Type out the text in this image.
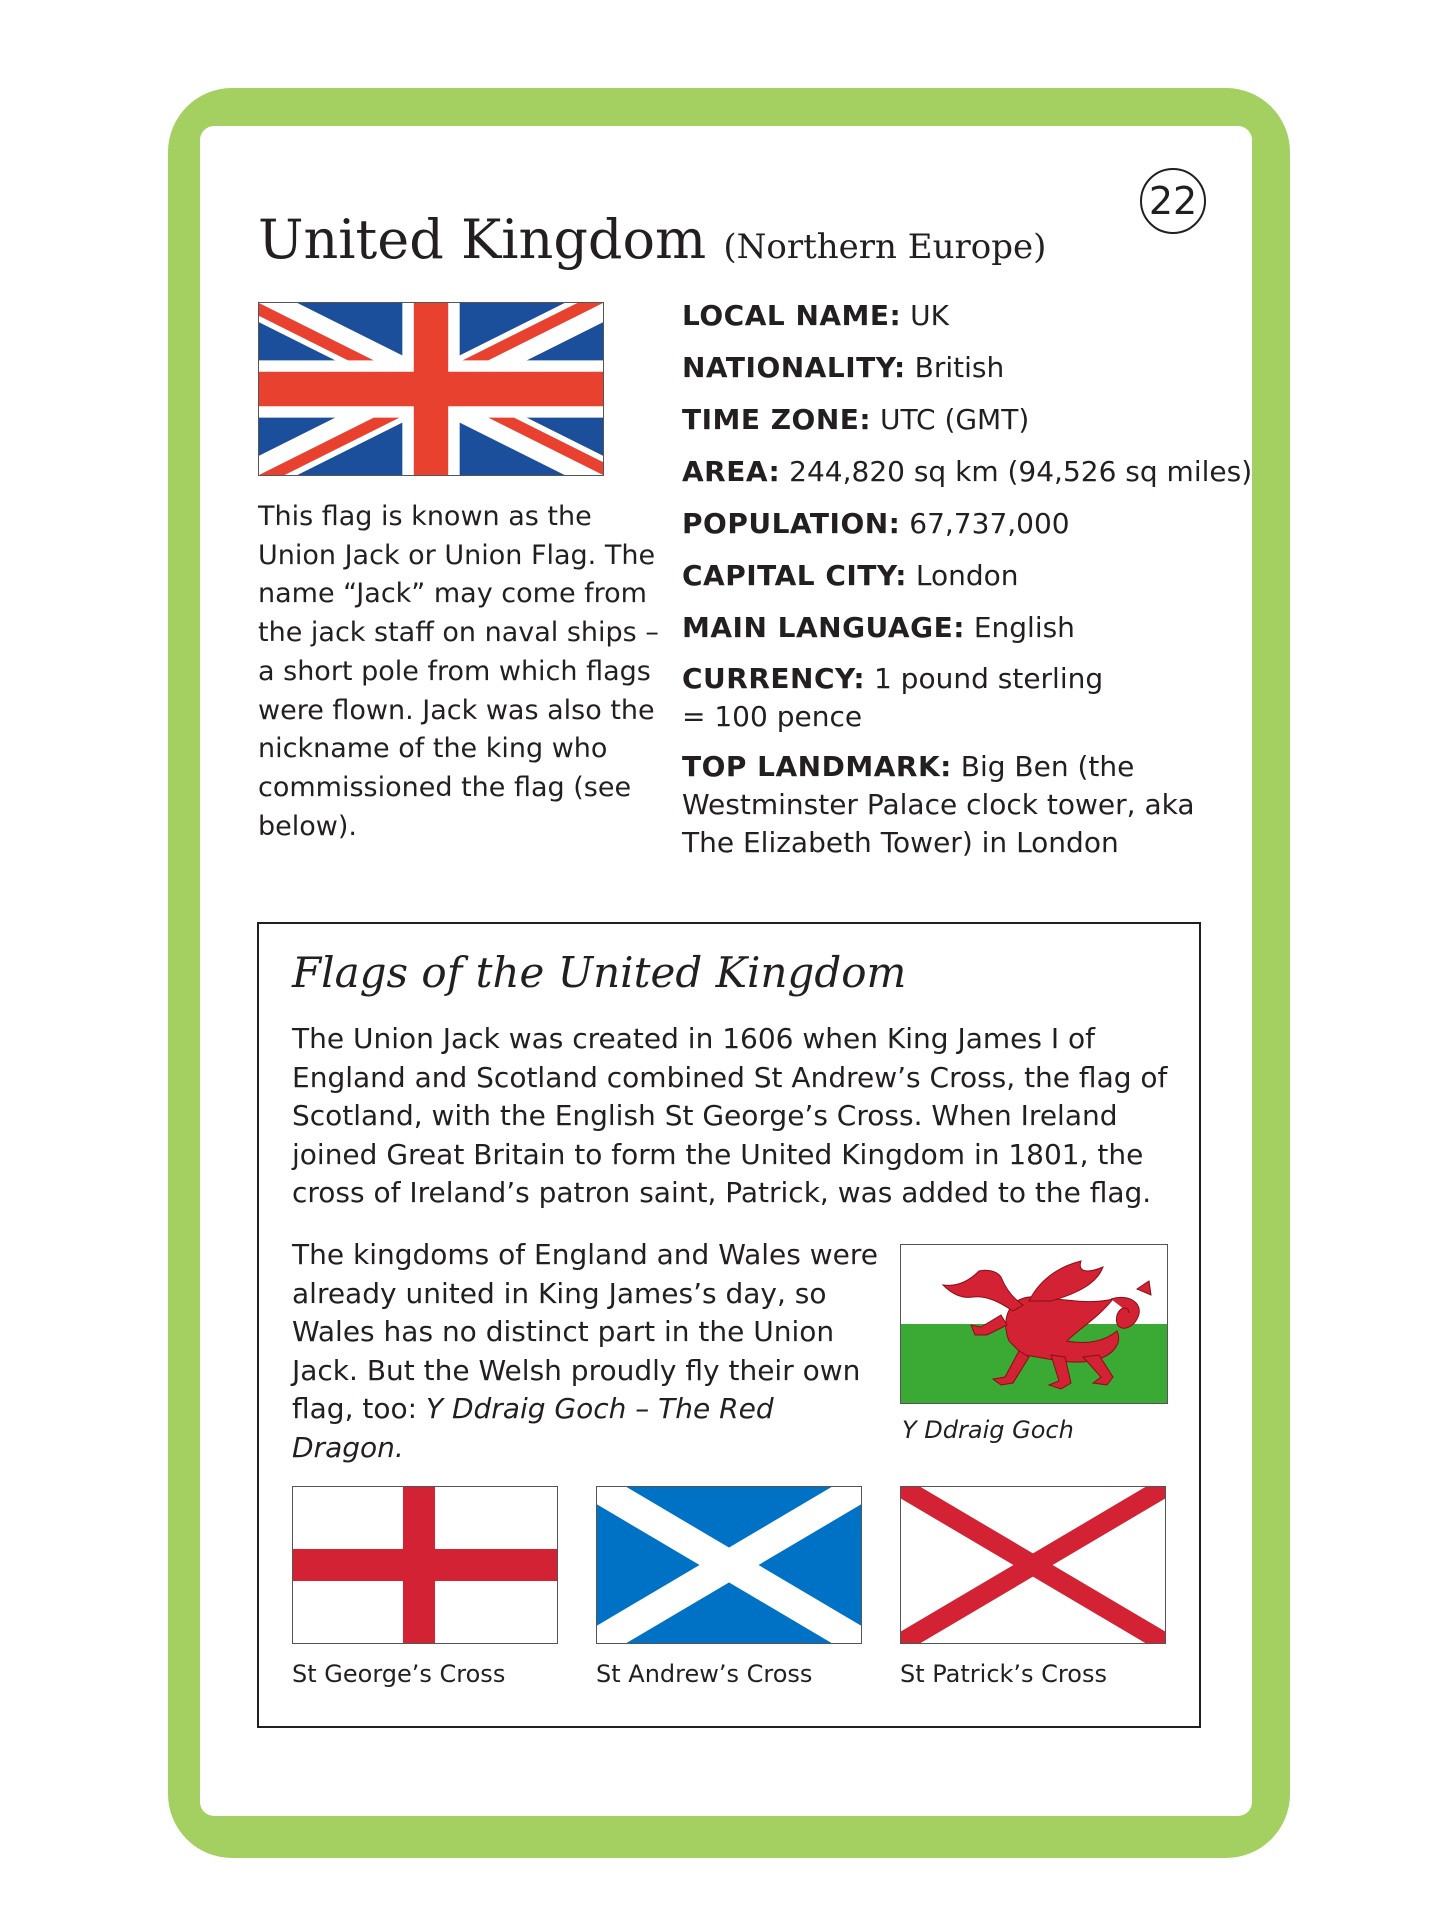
22
United Kingdom (Northern Europe)

This flag is known as the Union Jack or Union Flag. The name “Jack” may come from the jack staff on naval ships – a short pole from which flags were flown. Jack was also the nickname of the king who commissioned the flag (see below).

LOCAL NAME: UK

NATIONALITY: British

TIME ZONE: UTC (GMT)

AREA: 244,820 sq km (94,526 sq miles)

POPULATION: 67,737,000

CAPITAL CITY: London

MAIN LANGUAGE: English

CURRENCY: 1 pound sterling = 100 pence

TOP LANDMARK: Big Ben (the Westminster Palace clock tower, aka The Elizabeth Tower) in London

Flags of the United Kingdom

The Union Jack was created in 1606 when King James I of England and Scotland combined St Andrew’s Cross, the flag of Scotland, with the English St George’s Cross. When Ireland joined Great Britain to form the United Kingdom in 1801, the cross of Ireland’s patron saint, Patrick, was added to the flag.

The kingdoms of England and Wales were already united in King James’s day, so Wales has no distinct part in the Union Jack. But the Welsh proudly fly their own flag, too: Y Ddraig Goch – The Red Dragon.

Y Ddraig Goch

St George’s Cross	St Andrew’s Cross	St Patrick’s Cross
